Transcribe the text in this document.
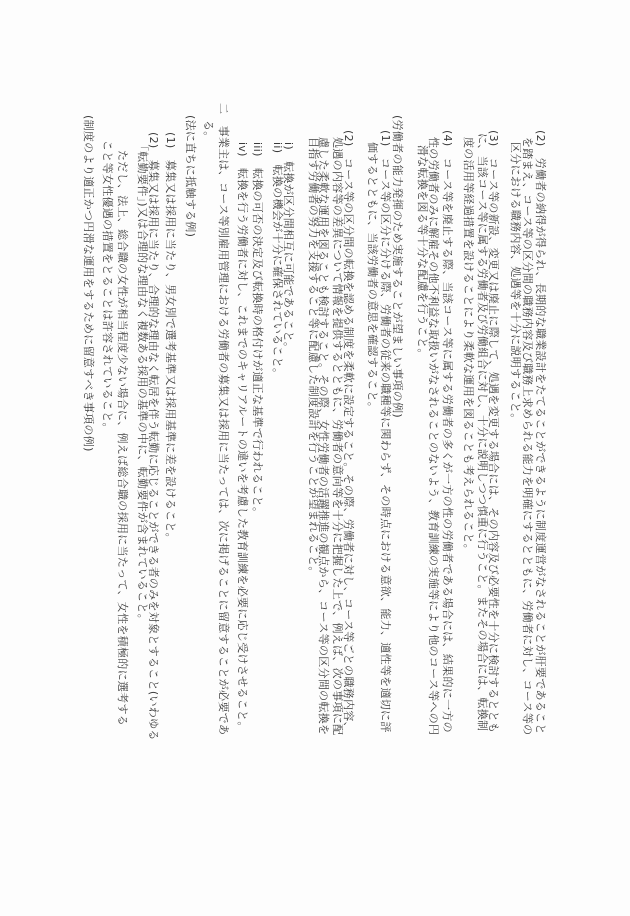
(2)　労働者の納得が得られ、長期的な職業設計をたてることができるように制度運営がなされることが肝要であること
を踏まえ、コース等の区分間の職務内容及び職務上求められる能力を明確にするとともに、労働者に対し、コース等の
区分における職務内容、処遇等を十分に説明すること。
(3)　コース等の新設、変更又は廃止に際して、処遇を変更する場合には、その内容及び必要性を十分に検討するととも
に、当該コース等に属する労働者及び労働組合に対し、十分に説明しつつ慎重に行うこと。またその場合には、転換制
度の活用等経過措置を設けることにより柔軟な運用を図ることも考えられること。
(4)　コース等を廃止する際、当該コース等に属する労働者の多くが一方の性の労働者である場合には、結果的に一方の
性の労働者のみに解雇その他不利益な取扱いがなされることのないよう、教育訓練の実施等により他のコース等への円
滑な転換を図る等十分な配慮を行うこと。
(労働者の能力発揮のため実施することが望ましい事項の例)
(1)　コース等の区分に分ける際、労働者の従来の職種等に関わらず、その時点における意欲、能力、適性等を適切に評
価するとともに、当該労働者の意思を確認すること。
(2)　コース等の区分間の転換を認める制度を柔軟に設定すること。その際、労働者に対し、コース等ごとの職務内容、
処遇の内容等の差異について情報を提供するとともに、労働者の意向等を十分に把握した上で、例えば、次の事項に配
慮した柔軟な運用を図ることも検討すること。その際、女性労働者の活躍推進の観点から、コース等の区分間の転換を
目指す労働者の努力を支援すること等に配慮した制度設計を行うことが望まれること。
i)　転換が区分間相互に可能であること。
ii)　転換の機会が十分に確保されていること。
iii)　転換の可否の決定及び転換時の格付けが適正な基準で行われること。
iv)　転換を行う労働者に対し、これまでのキャリアルートの違いを考慮した教育訓練を必要に応じ受けさせること。
二　事業主は、コース等別雇用管理における労働者の募集又は採用に当たっては、次に掲げることに留意することが必要であ
る。
(法に直ちに抵触する例)
(1)　募集又は採用に当たり、男女別で選考基準又は採用基準に差を設けること。
(2)　募集又は採用に当たり、合理的な理由なく転居を伴う転勤に応じることができる者のみを対象とすること(いわゆる
「転勤要件」)又は合理的な理由なく複数ある採用の基準の中に、転勤要件が含まれていること。
ただし、法上、総合職の女性が相当程度少ない場合に、例えば総合職の採用に当たって、女性を積極的に選考する
こと等女性優遇の措置をとることは許容されていること。
(制度のより適正かつ円滑な運用をするために留意すべき事項の例)
